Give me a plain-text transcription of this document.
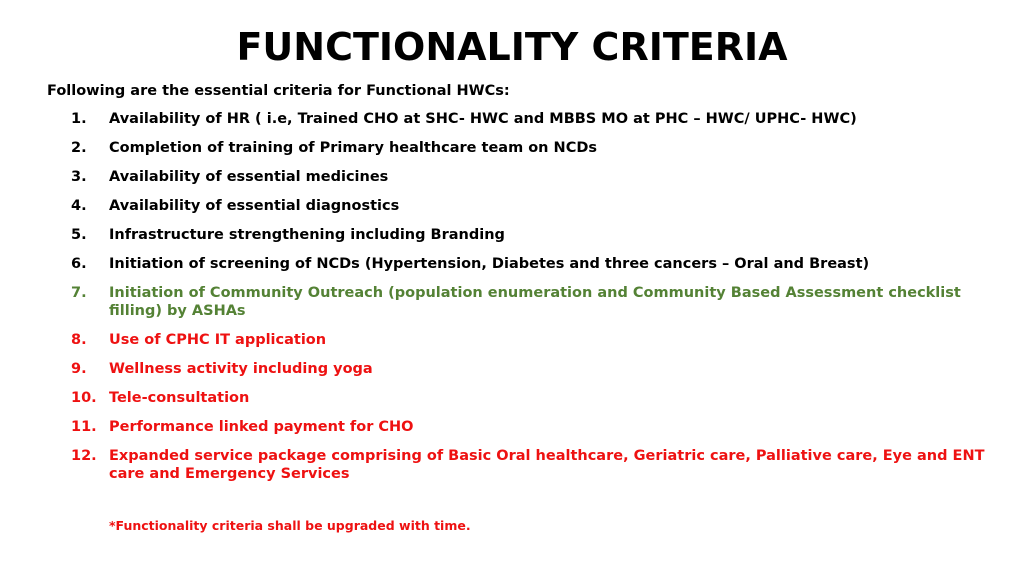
FUNCTIONALITY CRITERIA
Following are the essential criteria for Functional HWCs:
1. Availability of HR ( i.e, Trained CHO at SHC- HWC and MBBS MO at PHC – HWC/ UPHC- HWC)
2. Completion of training of Primary healthcare team on NCDs
3. Availability of essential medicines
4. Availability of essential diagnostics
5. Infrastructure strengthening including Branding
6. Initiation of screening of NCDs (Hypertension, Diabetes and three cancers – Oral and Breast)
7. Initiation of Community Outreach (population enumeration and Community Based Assessment checklist filling) by ASHAs
8. Use of CPHC IT application
9. Wellness activity including yoga
10. Tele-consultation
11. Performance linked payment for CHO
12. Expanded service package comprising of Basic Oral healthcare, Geriatric care, Palliative care, Eye and ENT care and Emergency Services
*Functionality criteria shall be upgraded with time.
